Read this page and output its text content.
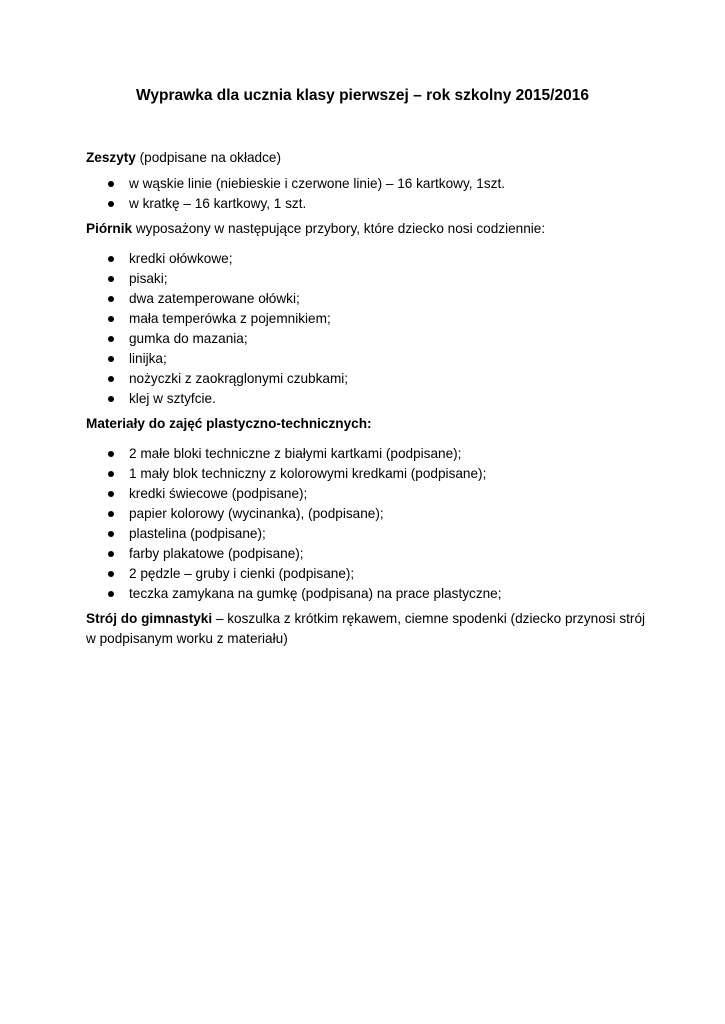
Wyprawka dla ucznia klasy pierwszej – rok szkolny 2015/2016

Zeszyty (podpisane na okładce)

w wąskie linie (niebieskie i czerwone linie) – 16 kartkowy, 1szt.
w kratkę – 16 kartkowy, 1 szt.

Piórnik wyposażony w następujące przybory, które dziecko nosi codziennie:

kredki ołówkowe;
pisaki;
dwa zatemperowane ołówki;
mała temperówka z pojemnikiem;
gumka do mazania;
linijka;
nożyczki z zaokrąglonymi czubkami;
klej w sztyfcie.

Materiały do zajęć plastyczno-technicznych:

2 małe bloki techniczne z białymi kartkami (podpisane);
1 mały blok techniczny z kolorowymi kredkami (podpisane);
kredki świecowe (podpisane);
papier kolorowy (wycinanka), (podpisane);
plastelina (podpisane);
farby plakatowe (podpisane);
2 pędzle – gruby i cienki (podpisane);
teczka zamykana na gumkę (podpisana) na prace plastyczne;

Strój do gimnastyki – koszulka z krótkim rękawem, ciemne spodenki (dziecko przynosi strój

w podpisanym worku z materiału)
